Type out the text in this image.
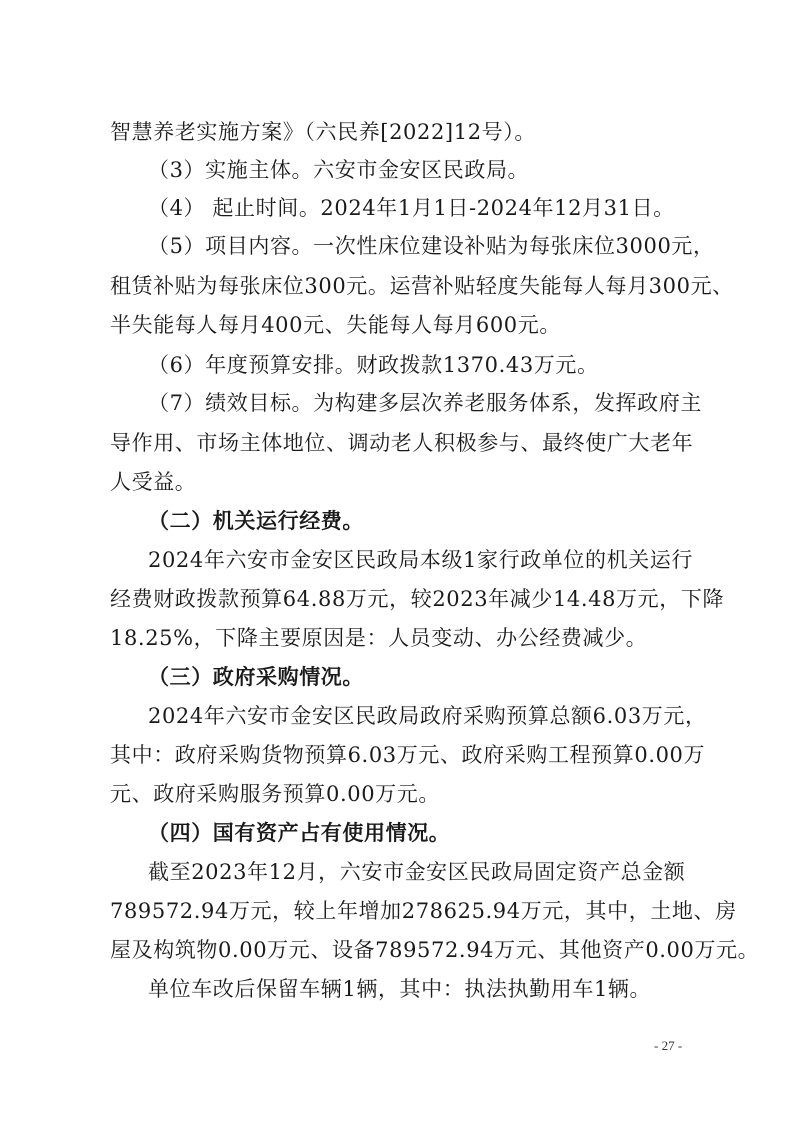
智慧养老实施方案》（六民养[2022]12号）。
（3）实施主体。六安市金安区民政局。
（4） 起止时间。2024年1月1日-2024年12月31日。
（5）项目内容。一次性床位建设补贴为每张床位3000元，
租赁补贴为每张床位300元。运营补贴轻度失能每人每月300元、
半失能每人每月400元、失能每人每月600元。
（6）年度预算安排。财政拨款1370.43万元。
（7）绩效目标。为构建多层次养老服务体系，发挥政府主
导作用、市场主体地位、调动老人积极参与、最终使广大老年
人受益。
（二）机关运行经费。
2024年六安市金安区民政局本级1家行政单位的机关运行
经费财政拨款预算64.88万元，较2023年减少14.48万元，下降
18.25%，下降主要原因是：人员变动、办公经费减少。
（三）政府采购情况。
2024年六安市金安区民政局政府采购预算总额6.03万元，
其中：政府采购货物预算6.03万元、政府采购工程预算0.00万
元、政府采购服务预算0.00万元。
（四）国有资产占有使用情况。
截至2023年12月，六安市金安区民政局固定资产总金额
789572.94万元，较上年增加278625.94万元，其中，土地、房
屋及构筑物0.00万元、设备789572.94万元、其他资产0.00万元。
单位车改后保留车辆1辆，其中：执法执勤用车1辆。
- 27 -
